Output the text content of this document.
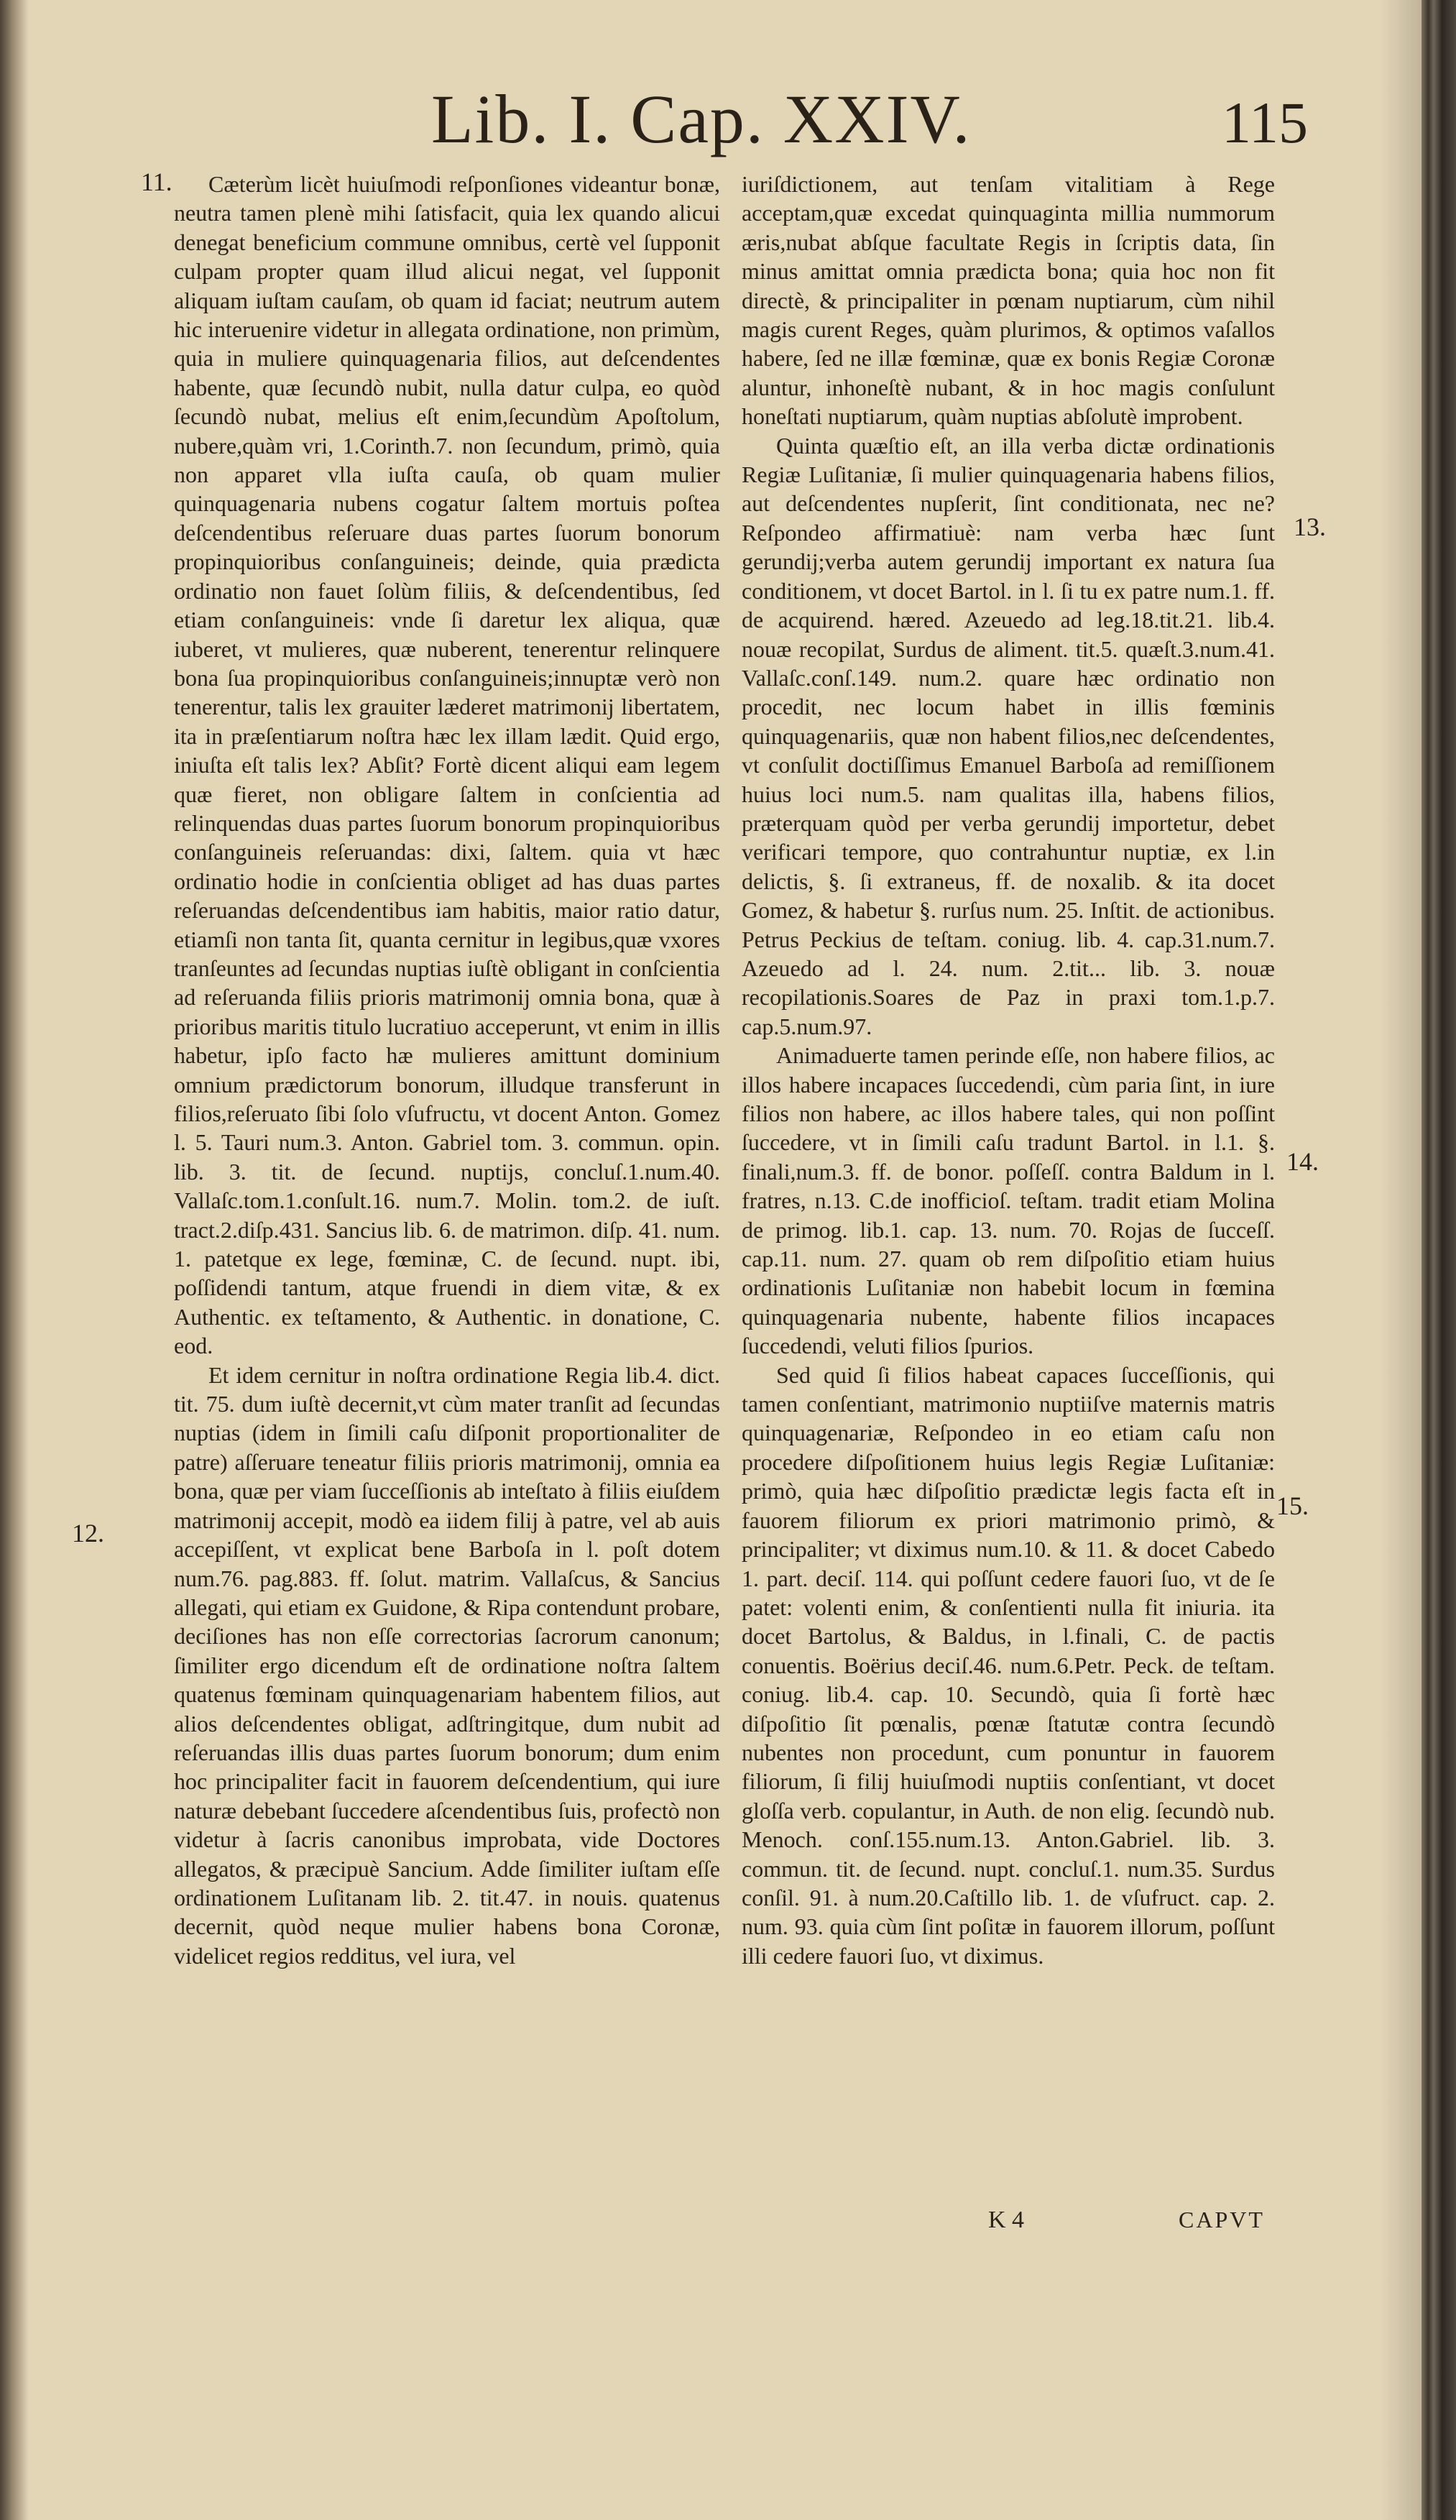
Lib. I. Cap. XXIV.	115
11.
12.
13.
14.
15.

Cæterùm licèt huiuſmodi reſponſiones videantur bonæ, neutra tamen plenè mihi ſatisfacit, quia lex quando alicui denegat beneficium commune omnibus, certè vel ſupponit culpam propter quam illud alicui negat, vel ſupponit aliquam iuſtam cauſam, ob quam id faciat; neutrum autem hic interuenire videtur in allegata ordinatione, non primùm, quia in muliere quinquagenaria filios, aut deſcendentes habente, quæ ſecundò nubit, nulla datur culpa, eo quòd ſecundò nubat, melius eſt enim,ſecundùm Apoſtolum, nubere,quàm vri, 1.Corinth.7. non ſecundum, primò, quia non apparet vlla iuſta cauſa, ob quam mulier quinquagenaria nubens cogatur ſaltem mortuis poſtea deſcendentibus reſeruare duas partes ſuorum bonorum propinquioribus conſanguineis; deinde, quia prædicta ordinatio non fauet ſolùm filiis, & deſcendentibus, ſed etiam conſanguineis: vnde ſi daretur lex aliqua, quæ iuberet, vt mulieres, quæ nuberent, tenerentur relinquere bona ſua propinquioribus conſanguineis;innuptæ verò non tenerentur, talis lex grauiter læderet matrimonij libertatem, ita in præſentiarum noſtra hæc lex illam lædit. Quid ergo, iniuſta eſt talis lex? Abſit? Fortè dicent aliqui eam legem quæ fieret, non obligare ſaltem in conſcientia ad relinquendas duas partes ſuorum bonorum propinquioribus conſanguineis reſeruandas: dixi, ſaltem. quia vt hæc ordinatio hodie in conſcientia obliget ad has duas partes reſeruandas deſcendentibus iam habitis, maior ratio datur, etiamſi non tanta ſit, quanta cernitur in legibus,quæ vxores tranſeuntes ad ſecundas nuptias iuſtè obligant in conſcientia ad reſeruanda filiis prioris matrimonij omnia bona, quæ à prioribus maritis titulo lucratiuo acceperunt, vt enim in illis habetur, ipſo facto hæ mulieres amittunt dominium omnium prædictorum bonorum, illudque transferunt in filios,reſeruato ſibi ſolo vſufructu, vt docent Anton. Gomez l. 5. Tauri num.3. Anton. Gabriel tom. 3. commun. opin. lib. 3. tit. de ſecund. nuptijs, concluſ.1.num.40. Vallaſc.tom.1.conſult.16. num.7. Molin. tom.2. de iuſt. tract.2.diſp.431. Sancius lib. 6. de matrimon. diſp. 41. num. 1. patetque ex lege, fœminæ, C. de ſecund. nupt. ibi, poſſidendi tantum, atque fruendi in diem vitæ, & ex Authentic. ex teſtamento, & Authentic. in donatione, C. eod.

Et idem cernitur in noſtra ordinatione Regia lib.4. dict. tit. 75. dum iuſtè decernit,vt cùm mater tranſit ad ſecundas nuptias (idem in ſimili caſu diſponit proportionaliter de patre) aſſeruare teneatur filiis prioris matrimonij, omnia ea bona, quæ per viam ſucceſſionis ab inteſtato à filiis eiuſdem matrimonij accepit, modò ea iidem filij à patre, vel ab auis accepiſſent, vt explicat bene Barboſa in l. poſt dotem num.76. pag.883. ff. ſolut. matrim. Vallaſcus, & Sancius allegati, qui etiam ex Guidone, & Ripa contendunt probare, deciſiones has non eſſe correctorias ſacrorum canonum; ſimiliter ergo dicendum eſt de ordinatione noſtra ſaltem quatenus fœminam quinquagenariam habentem filios, aut alios deſcendentes obligat, adſtringitque, dum nubit ad reſeruandas illis duas partes ſuorum bonorum; dum enim hoc principaliter facit in fauorem deſcendentium, qui iure naturæ debebant ſuccedere aſcendentibus ſuis, profectò non videtur à ſacris canonibus improbata, vide Doctores allegatos, & præcipuè Sancium. Adde ſimiliter iuſtam eſſe ordinationem Luſitanam lib. 2. tit.47. in nouis. quatenus decernit, quòd neque mulier habens bona Coronæ, videlicet regios redditus, vel iura, vel

iuriſdictionem, aut tenſam vitalitiam à Rege acceptam,quæ excedat quinquaginta millia nummorum æris,nubat abſque facultate Regis in ſcriptis data, ſin minus amittat omnia prædicta bona; quia hoc non fit directè, & principaliter in pœnam nuptiarum, cùm nihil magis curent Reges, quàm plurimos, & optimos vaſallos habere, ſed ne illæ fœminæ, quæ ex bonis Regiæ Coronæ aluntur, inhoneſtè nubant, & in hoc magis conſulunt honeſtati nuptiarum, quàm nuptias abſolutè improbent.

Quinta quæſtio eſt, an illa verba dictæ ordinationis Regiæ Luſitaniæ, ſi mulier quinquagenaria habens filios, aut deſcendentes nupſerit, ſint conditionata, nec ne? Reſpondeo affirmatiuè: nam verba hæc ſunt gerundij;verba autem gerundij important ex natura ſua conditionem, vt docet Bartol. in l. ſi tu ex patre num.1. ff. de acquirend. hæred. Azeuedo ad leg.18.tit.21. lib.4. nouæ recopilat, Surdus de aliment. tit.5. quæſt.3.num.41. Vallaſc.conſ.149. num.2. quare hæc ordinatio non procedit, nec locum habet in illis fœminis quinquagenariis, quæ non habent filios,nec deſcendentes, vt conſulit doctiſſimus Emanuel Barboſa ad remiſſionem huius loci num.5. nam qualitas illa, habens filios, præterquam quòd per verba gerundij importetur, debet verificari tempore, quo contrahuntur nuptiæ, ex l.in delictis, §. ſi extraneus, ff. de noxalib. & ita docet Gomez, & habetur §. rurſus num. 25. Inſtit. de actionibus. Petrus Peckius de teſtam. coniug. lib. 4. cap.31.num.7. Azeuedo ad l. 24. num. 2.tit... lib. 3. nouæ recopilationis.Soares de Paz in praxi tom.1.p.7. cap.5.num.97.

Animaduerte tamen perinde eſſe, non habere filios, ac illos habere incapaces ſuccedendi, cùm paria ſint, in iure filios non habere, ac illos habere tales, qui non poſſint ſuccedere, vt in ſimili caſu tradunt Bartol. in l.1. §. finali,num.3. ff. de bonor. poſſeſſ. contra Baldum in l. fratres, n.13. C.de inofficioſ. teſtam. tradit etiam Molina de primog. lib.1. cap. 13. num. 70. Rojas de ſucceſſ. cap.11. num. 27. quam ob rem diſpoſitio etiam huius ordinationis Luſitaniæ non habebit locum in fœmina quinquagenaria nubente, habente filios incapaces ſuccedendi, veluti filios ſpurios.

Sed quid ſi filios habeat capaces ſucceſſionis, qui tamen conſentiant, matrimonio nuptiiſve maternis matris quinquagenariæ, Reſpondeo in eo etiam caſu non procedere diſpoſitionem huius legis Regiæ Luſitaniæ: primò, quia hæc diſpoſitio prædictæ legis facta eſt in fauorem filiorum ex priori matrimonio primò, & principaliter; vt diximus num.10. & 11. & docet Cabedo 1. part. deciſ. 114. qui poſſunt cedere fauori ſuo, vt de ſe patet: volenti enim, & conſentienti nulla fit iniuria. ita docet Bartolus, & Baldus, in l.finali, C. de pactis conuentis. Boërius deciſ.46. num.6.Petr. Peck. de teſtam. coniug. lib.4. cap. 10. Secundò, quia ſi fortè hæc diſpoſitio ſit pœnalis, pœnæ ſtatutæ contra ſecundò nubentes non procedunt, cum ponuntur in fauorem filiorum, ſi filij huiuſmodi nuptiis conſentiant, vt docet gloſſa verb. copulantur, in Auth. de non elig. ſecundò nub. Menoch. conſ.155.num.13. Anton.Gabriel. lib. 3. commun. tit. de ſecund. nupt. concluſ.1. num.35. Surdus conſil. 91. à num.20.Caſtillo lib. 1. de vſufruct. cap. 2. num. 93. quia cùm ſint poſitæ in fauorem illorum, poſſunt illi cedere fauori ſuo, vt diximus.

K 4	CAPVT
